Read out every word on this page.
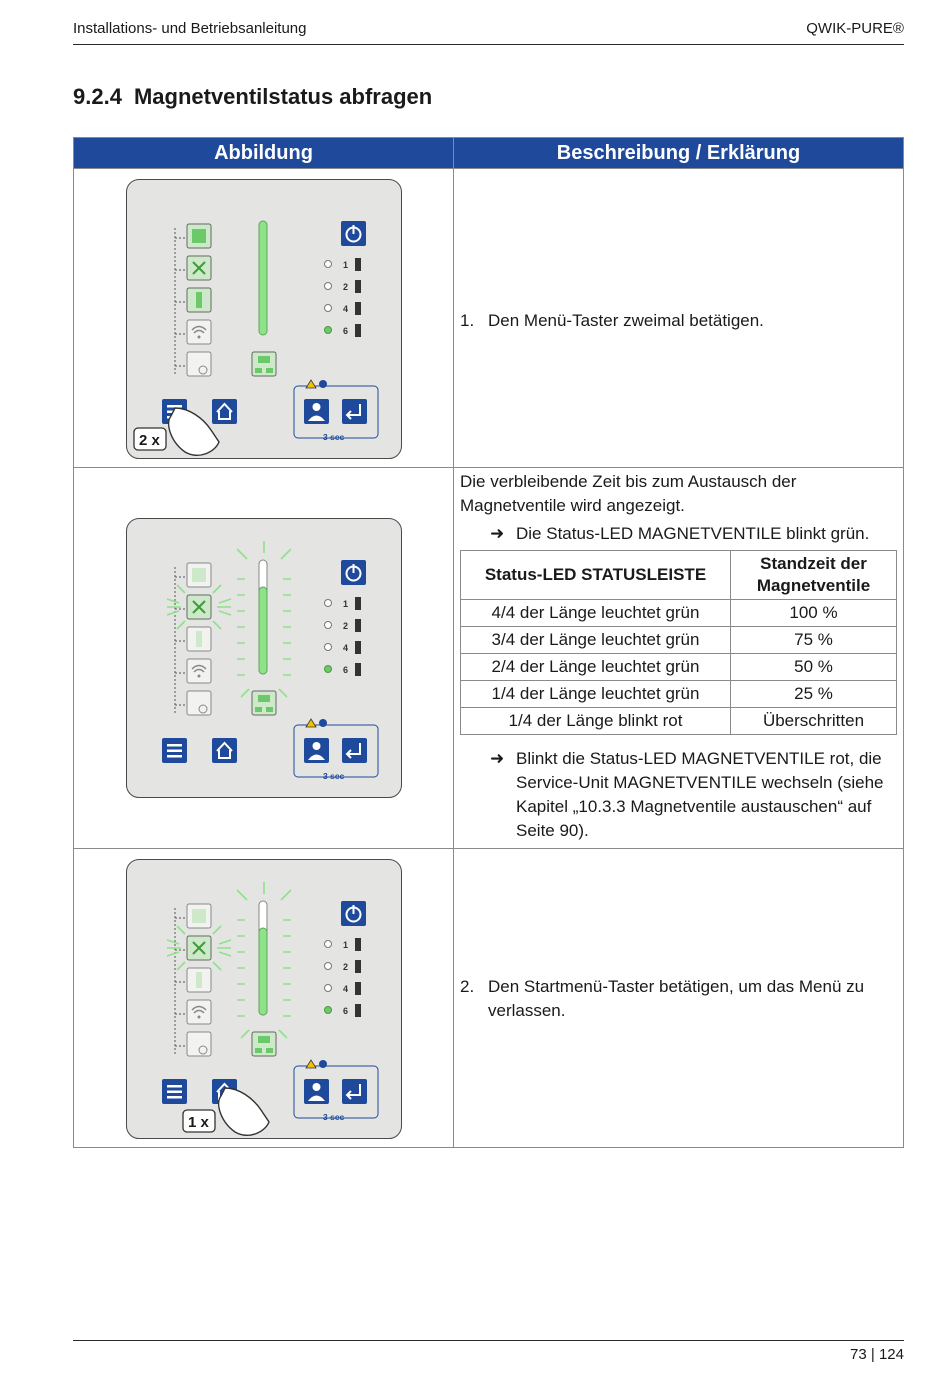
Installations- und Betriebsanleitung	QWIK-PURE®
9.2.4 Magnetventilstatus abfragen
Abbildung	Beschreibung / Erklärung

1
2
4
6
3 sec
2 x

1. Den Menü-Taster zweimal betätigen.

1
2
4
6
3 sec

Die verbleibende Zeit bis zum Austausch der Magnetventile wird angezeigt.
➜ Die Status-LED MAGNETVENTILE blinkt grün.
Status-LED STATUSLEISTE	Standzeit der Magnetventile
4/4 der Länge leuchtet grün	100 %
3/4 der Länge leuchtet grün	75 %
2/4 der Länge leuchtet grün	50 %
1/4 der Länge leuchtet grün	25 %
1/4 der Länge blinkt rot	Überschritten
➜ Blinkt die Status-LED MAGNETVENTILE rot, die Service-Unit MAGNETVENTILE wechseln (siehe Kapitel „10.3.3 Magnetventile austauschen“ auf Seite 90).

1
2
4
6
3 sec
1 x

2. Den Startmenü-Taster betätigen, um das Menü zu verlassen.
73 | 124
